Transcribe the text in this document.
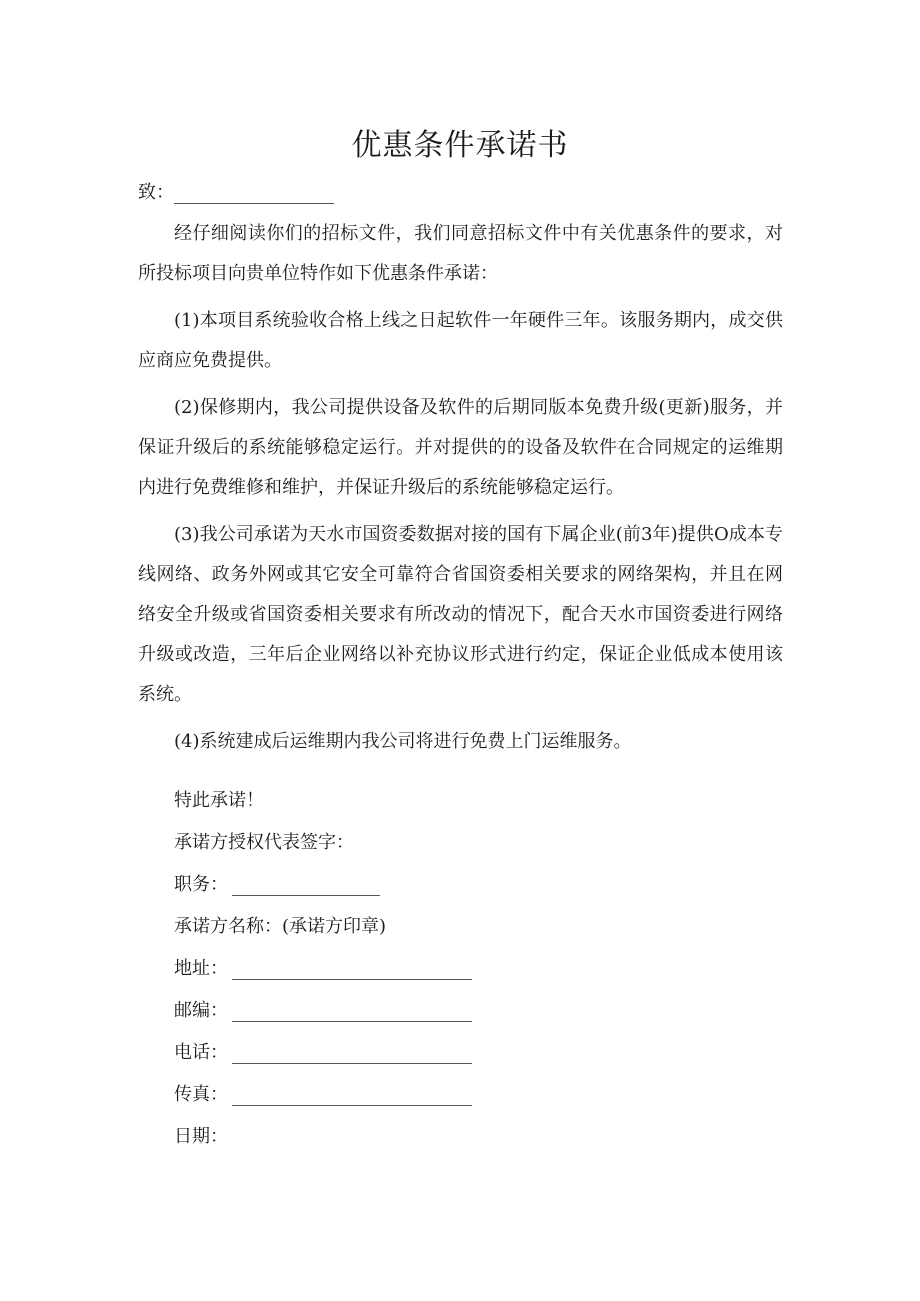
优惠条件承诺书
致：

经仔细阅读你们的招标文件，我们同意招标文件中有关优惠条件的要求，对所投标项目向贵单位特作如下优惠条件承诺：

(1)本项目系统验收合格上线之日起软件一年硬件三年。该服务期内，成交供应商应免费提供。

(2)保修期内，我公司提供设备及软件的后期同版本免费升级(更新)服务，并保证升级后的系统能够稳定运行。并对提供的的设备及软件在合同规定的运维期内进行免费维修和维护，并保证升级后的系统能够稳定运行。

(3)我公司承诺为天水市国资委数据对接的国有下属企业(前3年)提供O成本专线网络、政务外网或其它安全可靠符合省国资委相关要求的网络架构，并且在网络安全升级或省国资委相关要求有所改动的情况下，配合天水市国资委进行网络升级或改造，三年后企业网络以补充协议形式进行约定，保证企业低成本使用该系统。

(4)系统建成后运维期内我公司将进行免费上门运维服务。

特此承诺！
承诺方授权代表签字：
职务：
承诺方名称：(承诺方印章)
地址：
邮编：
电话：
传真：
日期：
